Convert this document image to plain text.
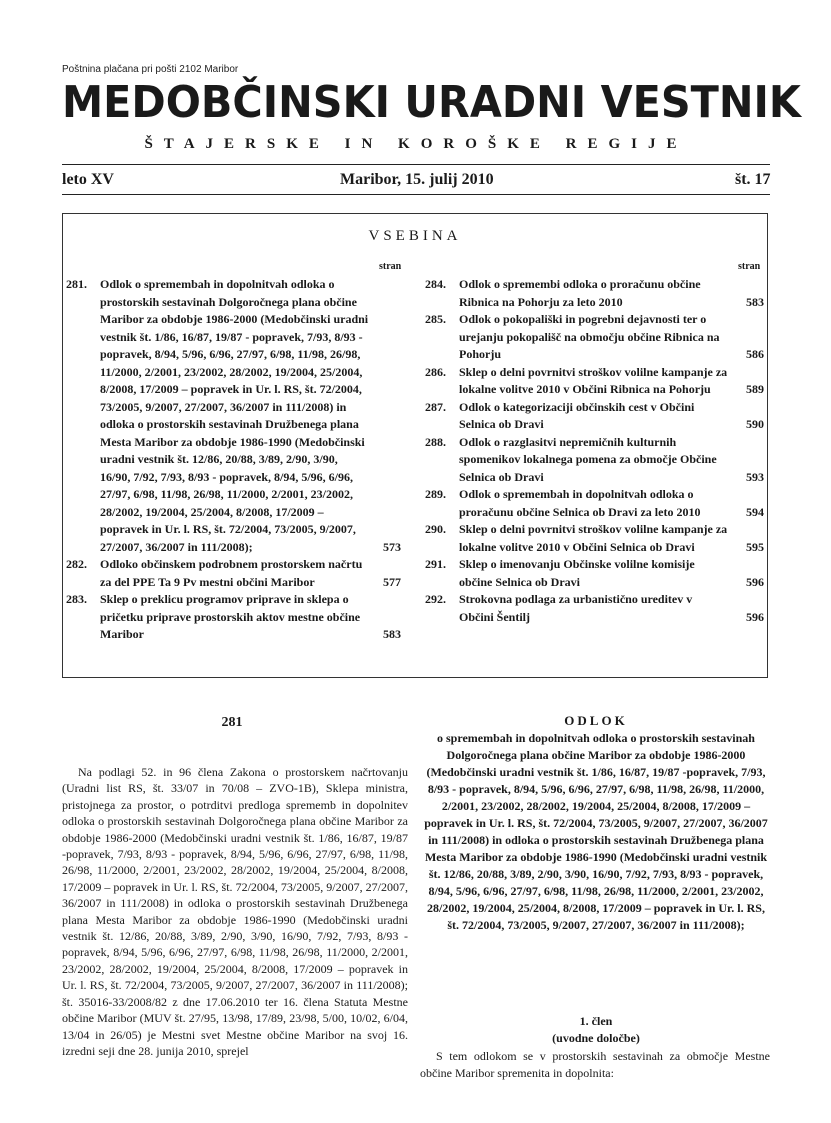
Poštnina plačana pri pošti 2102 Maribor
MEDOBČINSKI URADNI VESTNIK
ŠTAJERSKE IN KOROŠKE REGIJE
leto XV	Maribor, 15. julij 2010	št. 17
VSEBINA
stran	stran
281. Odlok o spremembah in dopolnitvah odloka o prostorskih sestavinah Dolgoročnega plana občine Maribor za obdobje 1986-2000 (Medobčinski uradni vestnik št. 1/86, 16/87, 19/87 - popravek, 7/93, 8/93 - popravek, 8/94, 5/96, 6/96, 27/97, 6/98, 11/98, 26/98, 11/2000, 2/2001, 23/2002, 28/2002, 19/2004, 25/2004, 8/2008, 17/2009 – popravek in Ur. l. RS, št. 72/2004, 73/2005, 9/2007, 27/2007, 36/2007 in 111/2008) in odloka o prostorskih sestavinah Družbenega plana Mesta Maribor za obdobje 1986-1990 (Medobčinski uradni vestnik št. 12/86, 20/88, 3/89, 2/90, 3/90, 16/90, 7/92, 7/93, 8/93 - popravek, 8/94, 5/96, 6/96, 27/97, 6/98, 11/98, 26/98, 11/2000, 2/2001, 23/2002, 28/2002, 19/2004, 25/2004, 8/2008, 17/2009 – popravek in Ur. l. RS, št. 72/2004, 73/2005, 9/2007, 27/2007, 36/2007 in 111/2008);	573
282. Odloko občinskem podrobnem prostorskem načrtu za del PPE Ta 9 Pv mestni občini Maribor	577
283. Sklep o preklicu programov priprave in sklepa o pričetku priprave prostorskih aktov mestne občine Maribor	583
284. Odlok o spremembi odloka o proračunu občine Ribnica na Pohorju za leto 2010	583
285. Odlok o pokopališki in pogrebni dejavnosti ter o urejanju pokopališč na območju občine Ribnica na Pohorju	586
286. Sklep o delni povrnitvi stroškov volilne kampanje za lokalne volitve 2010 v Občini Ribnica na Pohorju	589
287. Odlok o kategorizaciji občinskih cest v Občini Selnica ob Dravi	590
288. Odlok o razglasitvi nepremičnih kulturnih spomenikov lokalnega pomena za območje Občine Selnica ob Dravi	593
289. Odlok o spremembah in dopolnitvah odloka o proračunu občine Selnica ob Dravi za leto 2010	594
290. Sklep o delni povrnitvi stroškov volilne kampanje za lokalne volitve 2010 v Občini Selnica ob Dravi	595
291. Sklep o imenovanju Občinske volilne komisije občine Selnica ob Dravi	596
292. Strokovna podlaga za urbanistično ureditev v Občini Šentilj	596
281
Na podlagi 52. in 96 člena Zakona o prostorskem načrtovanju (Uradni list RS, št. 33/07 in 70/08 – ZVO-1B), Sklepa ministra, pristojnega za prostor, o potrditvi predloga sprememb in dopolnitev odloka o prostorskih sestavinah Dolgoročnega plana občine Maribor za obdobje 1986-2000 (Medobčinski uradni vestnik št. 1/86, 16/87, 19/87 -popravek, 7/93, 8/93 - popravek, 8/94, 5/96, 6/96, 27/97, 6/98, 11/98, 26/98, 11/2000, 2/2001, 23/2002, 28/2002, 19/2004, 25/2004, 8/2008, 17/2009 – popravek in Ur. l. RS, št. 72/2004, 73/2005, 9/2007, 27/2007, 36/2007 in 111/2008) in odloka o prostorskih sestavinah Družbenega plana Mesta Maribor za obdobje 1986-1990 (Medobčinski uradni vestnik št. 12/86, 20/88, 3/89, 2/90, 3/90, 16/90, 7/92, 7/93, 8/93 - popravek, 8/94, 5/96, 6/96, 27/97, 6/98, 11/98, 26/98, 11/2000, 2/2001, 23/2002, 28/2002, 19/2004, 25/2004, 8/2008, 17/2009 – popravek in Ur. l. RS, št. 72/2004, 73/2005, 9/2007, 27/2007, 36/2007 in 111/2008); št. 35016-33/2008/82 z dne 17.06.2010 ter 16. člena Statuta Mestne občine Maribor (MUV št. 27/95, 13/98, 17/89, 23/98, 5/00, 10/02, 6/04, 13/04 in 26/05) je Mestni svet Mestne občine Maribor na svoj 16. izredni seji dne 28. junija 2010, sprejel
ODLOK
o spremembah in dopolnitvah odloka o prostorskih sestavinah Dolgoročnega plana občine Maribor za obdobje 1986-2000 (Medobčinski uradni vestnik št. 1/86, 16/87, 19/87 -popravek, 7/93, 8/93 - popravek, 8/94, 5/96, 6/96, 27/97, 6/98, 11/98, 26/98, 11/2000, 2/2001, 23/2002, 28/2002, 19/2004, 25/2004, 8/2008, 17/2009 – popravek in Ur. l. RS, št. 72/2004, 73/2005, 9/2007, 27/2007, 36/2007 in 111/2008) in odloka o prostorskih sestavinah Družbenega plana Mesta Maribor za obdobje 1986-1990 (Medobčinski uradni vestnik št. 12/86, 20/88, 3/89, 2/90, 3/90, 16/90, 7/92, 7/93, 8/93 - popravek, 8/94, 5/96, 6/96, 27/97, 6/98, 11/98, 26/98, 11/2000, 2/2001, 23/2002, 28/2002, 19/2004, 25/2004, 8/2008, 17/2009 – popravek in Ur. l. RS, št. 72/2004, 73/2005, 9/2007, 27/2007, 36/2007 in 111/2008);
1. člen
(uvodne določbe)
S tem odlokom se v prostorskih sestavinah za območje Mestne občine Maribor spremenita in dopolnita:
